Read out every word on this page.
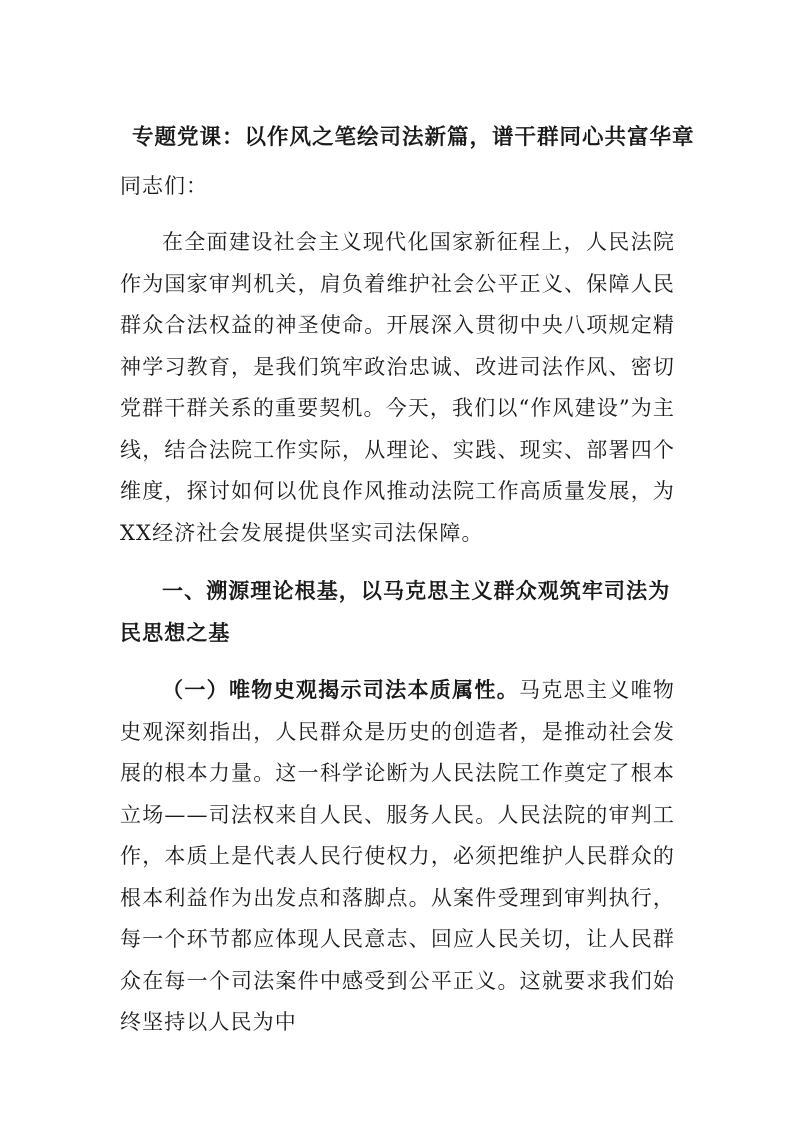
专题党课：以作风之笔绘司法新篇，谱干群同心共富华章
同志们：

在全面建设社会主义现代化国家新征程上，人民法院作为国家审判机关，肩负着维护社会公平正义、保障人民群众合法权益的神圣使命。开展深入贯彻中央八项规定精神学习教育，是我们筑牢政治忠诚、改进司法作风、密切党群干群关系的重要契机。今天，我们以“作风建设”为主线，结合法院工作实际，从理论、实践、现实、部署四个维度，探讨如何以优良作风推动法院工作高质量发展，为XX经济社会发展提供坚实司法保障。

一、溯源理论根基，以马克思主义群众观筑牢司法为民思想之基

（一）唯物史观揭示司法本质属性。马克思主义唯物史观深刻指出，人民群众是历史的创造者，是推动社会发展的根本力量。这一科学论断为人民法院工作奠定了根本立场——司法权来自人民、服务人民。人民法院的审判工作，本质上是代表人民行使权力，必须把维护人民群众的根本利益作为出发点和落脚点。从案件受理到审判执行，每一个环节都应体现人民意志、回应人民关切，让人民群众在每一个司法案件中感受到公平正义。这就要求我们始终坚持以人民为中
